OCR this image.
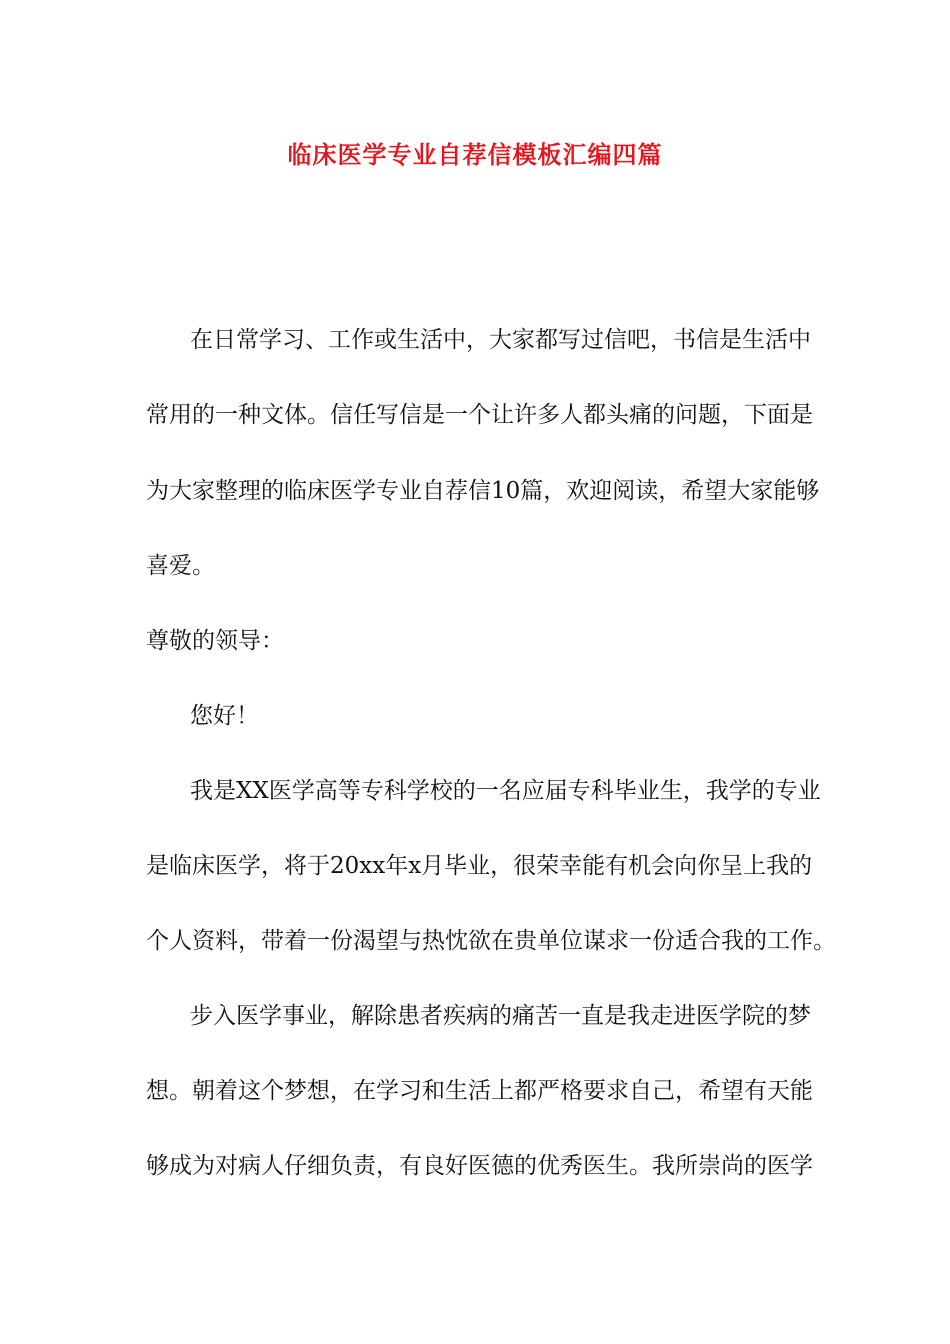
临床医学专业自荐信模板汇编四篇
在日常学习、工作或生活中，大家都写过信吧，书信是生活中
常用的一种文体。信任写信是一个让许多人都头痛的问题，下面是
为大家整理的临床医学专业自荐信10篇，欢迎阅读，希望大家能够
喜爱。
尊敬的领导：
您好！
我是XX医学高等专科学校的一名应届专科毕业生，我学的专业
是临床医学，将于20xx年x月毕业，很荣幸能有机会向你呈上我的
个人资料，带着一份渴望与热忱欲在贵单位谋求一份适合我的工作。
步入医学事业，解除患者疾病的痛苦一直是我走进医学院的梦
想。朝着这个梦想，在学习和生活上都严格要求自己，希望有天能
够成为对病人仔细负责，有良好医德的优秀医生。我所崇尚的医学
